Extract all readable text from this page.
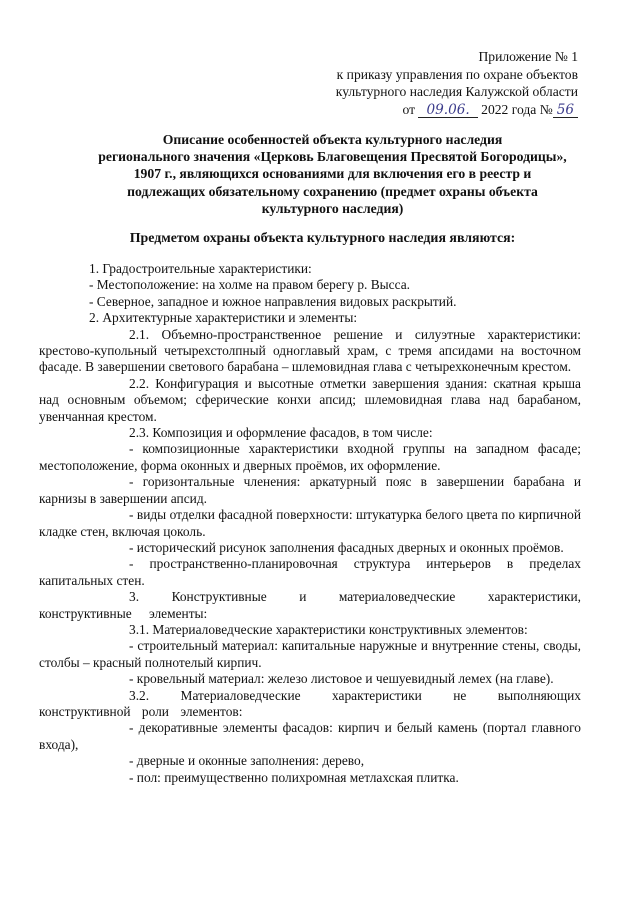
Приложение № 1
к приказу управления по охране объектов
культурного наследия Калужской области
от 09.06. 2022 года № 56
Описание особенностей объекта культурного наследия
регионального значения «Церковь Благовещения Пресвятой Богородицы»,
1907 г., являющихся основаниями для включения его в реестр и
подлежащих обязательному сохранению (предмет охраны объекта
культурного наследия)
Предметом охраны объекта культурного наследия являются:

1. Градостроительные характеристики:

- Местоположение: на холме на правом берегу р. Высса.

- Северное, западное и южное направления видовых раскрытий.

2. Архитектурные характеристики и элементы:

2.1. Объемно-пространственное решение и силуэтные характеристики: крестово-купольный четырехстолпный одноглавый храм, с тремя апсидами на восточном фасаде. В завершении светового барабана – шлемовидная глава с четырехконечным крестом.

2.2. Конфигурация и высотные отметки завершения здания: скатная крыша над основным объемом; сферические конхи апсид; шлемовидная глава над барабаном, увенчанная крестом.

2.3. Композиция и оформление фасадов, в том числе:

- композиционные характеристики входной группы на западном фасаде; местоположение, форма оконных и дверных проёмов, их оформление.

- горизонтальные членения: аркатурный пояс в завершении барабана и карнизы в завершении апсид.

- виды отделки фасадной поверхности: штукатурка белого цвета по кирпичной кладке стен, включая цоколь.

- исторический рисунок заполнения фасадных дверных и оконных проёмов.

- пространственно-планировочная структура интерьеров в пределах капитальных стен.

3. Конструктивные и материаловедческие характеристики, конструктивные элементы:

3.1. Материаловедческие характеристики конструктивных элементов:

- строительный материал: капитальные наружные и внутренние стены, своды, столбы – красный полнотелый кирпич.

- кровельный материал: железо листовое и чешуевидный лемех (на главе).

3.2. Материаловедческие характеристики не выполняющих конструктивной роли элементов:

- декоративные элементы фасадов: кирпич и белый камень (портал главного входа),

- дверные и оконные заполнения: дерево,

- пол: преимущественно полихромная метлахская плитка.
